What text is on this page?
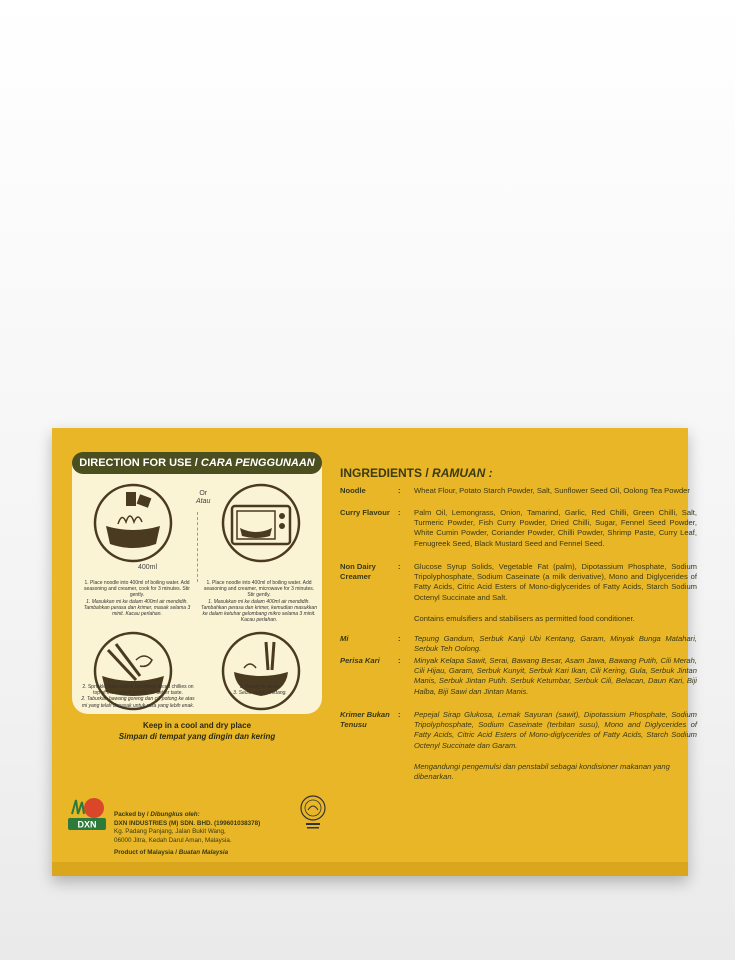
DIRECTION FOR USE / CARA PENGGUNAAN
400ml
Or
Atau
1. Place noodle into 400ml of boiling water. Add seasoning and creamer, cook for 3 minutes. Stir gently.
1. Masukkan mi ke dalam 400ml air mendidih. Tambahkan perasa dan krimer, masak selama 3 minit. Kacau perlahan.
1. Place noodle into 400ml of boiling water. Add seasoning and creamer, microwave for 3 minutes. Stir gently.
1. Masukkan mi ke dalam 400ml air mendidih. Tambahkan perasa dan krimer, kemudian masukkan ke dalam ketuhar gelombang mikro selama 3 minit. Kacau perlahan.
2. Sprinkle fried onions and finely sliced chillies on top of the cooked noodle for better taste.
2. Taburkan bawang goreng dan cili potong ke atas mi yang telah dimasak untuk rasa yang lebih enak.
3. Ready to serve.
3. Sedia untuk dihidang.
Keep in a cool and dry place
Simpan di tempat yang dingin dan kering
DXN
Packed by / Dibungkus oleh:
DXN INDUSTRIES (M) SDN. BHD. (199601038378)
Kg. Padang Panjang, Jalan Bukit Wang,
06000 Jitra, Kedah Darul Aman, Malaysia.

Product of Malaysia / Buatan Malaysia
INGREDIENTS / RAMUAN :
Noodle	:	Wheat Flour, Potato Starch Powder, Salt, Sunflower Seed Oil, Oolong Tea Powder
Curry Flavour	:	Palm Oil, Lemongrass, Onion, Tamarind, Garlic, Red Chilli, Green Chilli, Salt, Turmeric Powder, Fish Curry Powder, Dried Chilli, Sugar, Fennel Seed Powder, White Cumin Powder, Coriander Powder, Chilli Powder, Shrimp Paste, Curry Leaf, Fenugreek Seed, Black Mustard Seed and Fennel Seed.
Non Dairy Creamer
:	Glucose Syrup Solids, Vegetable Fat (palm), Dipotassium Phosphate, Sodium Tripolyphosphate, Sodium Caseinate (a milk derivative), Mono and Diglycerides of Fatty Acids, Citric Acid Esters of Mono-diglycerides of Fatty Acids, Starch Sodium Octenyl Succinate and Salt.
Contains emulsifiers and stabilisers as permitted food conditioner.
Mi	:	Tepung Gandum, Serbuk Kanji Ubi Kentang, Garam, Minyak Bunga Matahari, Serbuk Teh Oolong.
Perisa Kari	:	Minyak Kelapa Sawit, Serai, Bawang Besar, Asam Jawa, Bawang Putih, Cili Merah, Cili Hijau, Garam, Serbuk Kunyit, Serbuk Kari Ikan, Cili Kering, Gula, Serbuk Jintan Manis, Serbuk Jintan Putih. Serbuk Ketumbar, Serbuk Cili, Belacan, Daun Kari, Biji Halba, Biji Sawi dan Jintan Manis.
Krimer Bukan Tenusu
:	Pepejal Sirap Glukosa, Lemak Sayuran (sawit), Dipotassium Phosphate, Sodium Tripolyphosphate, Sodium Caseinate (terbitan susu), Mono and Diglycerides of Fatty Acids, Citric Acid Esters of Mono-diglycerides of Fatty Acids, Starch Sodium Octenyl Succinate dan Garam.
Mengandungi pengemulsi dan penstabil sebagai kondisioner makanan yang dibenarkan.
